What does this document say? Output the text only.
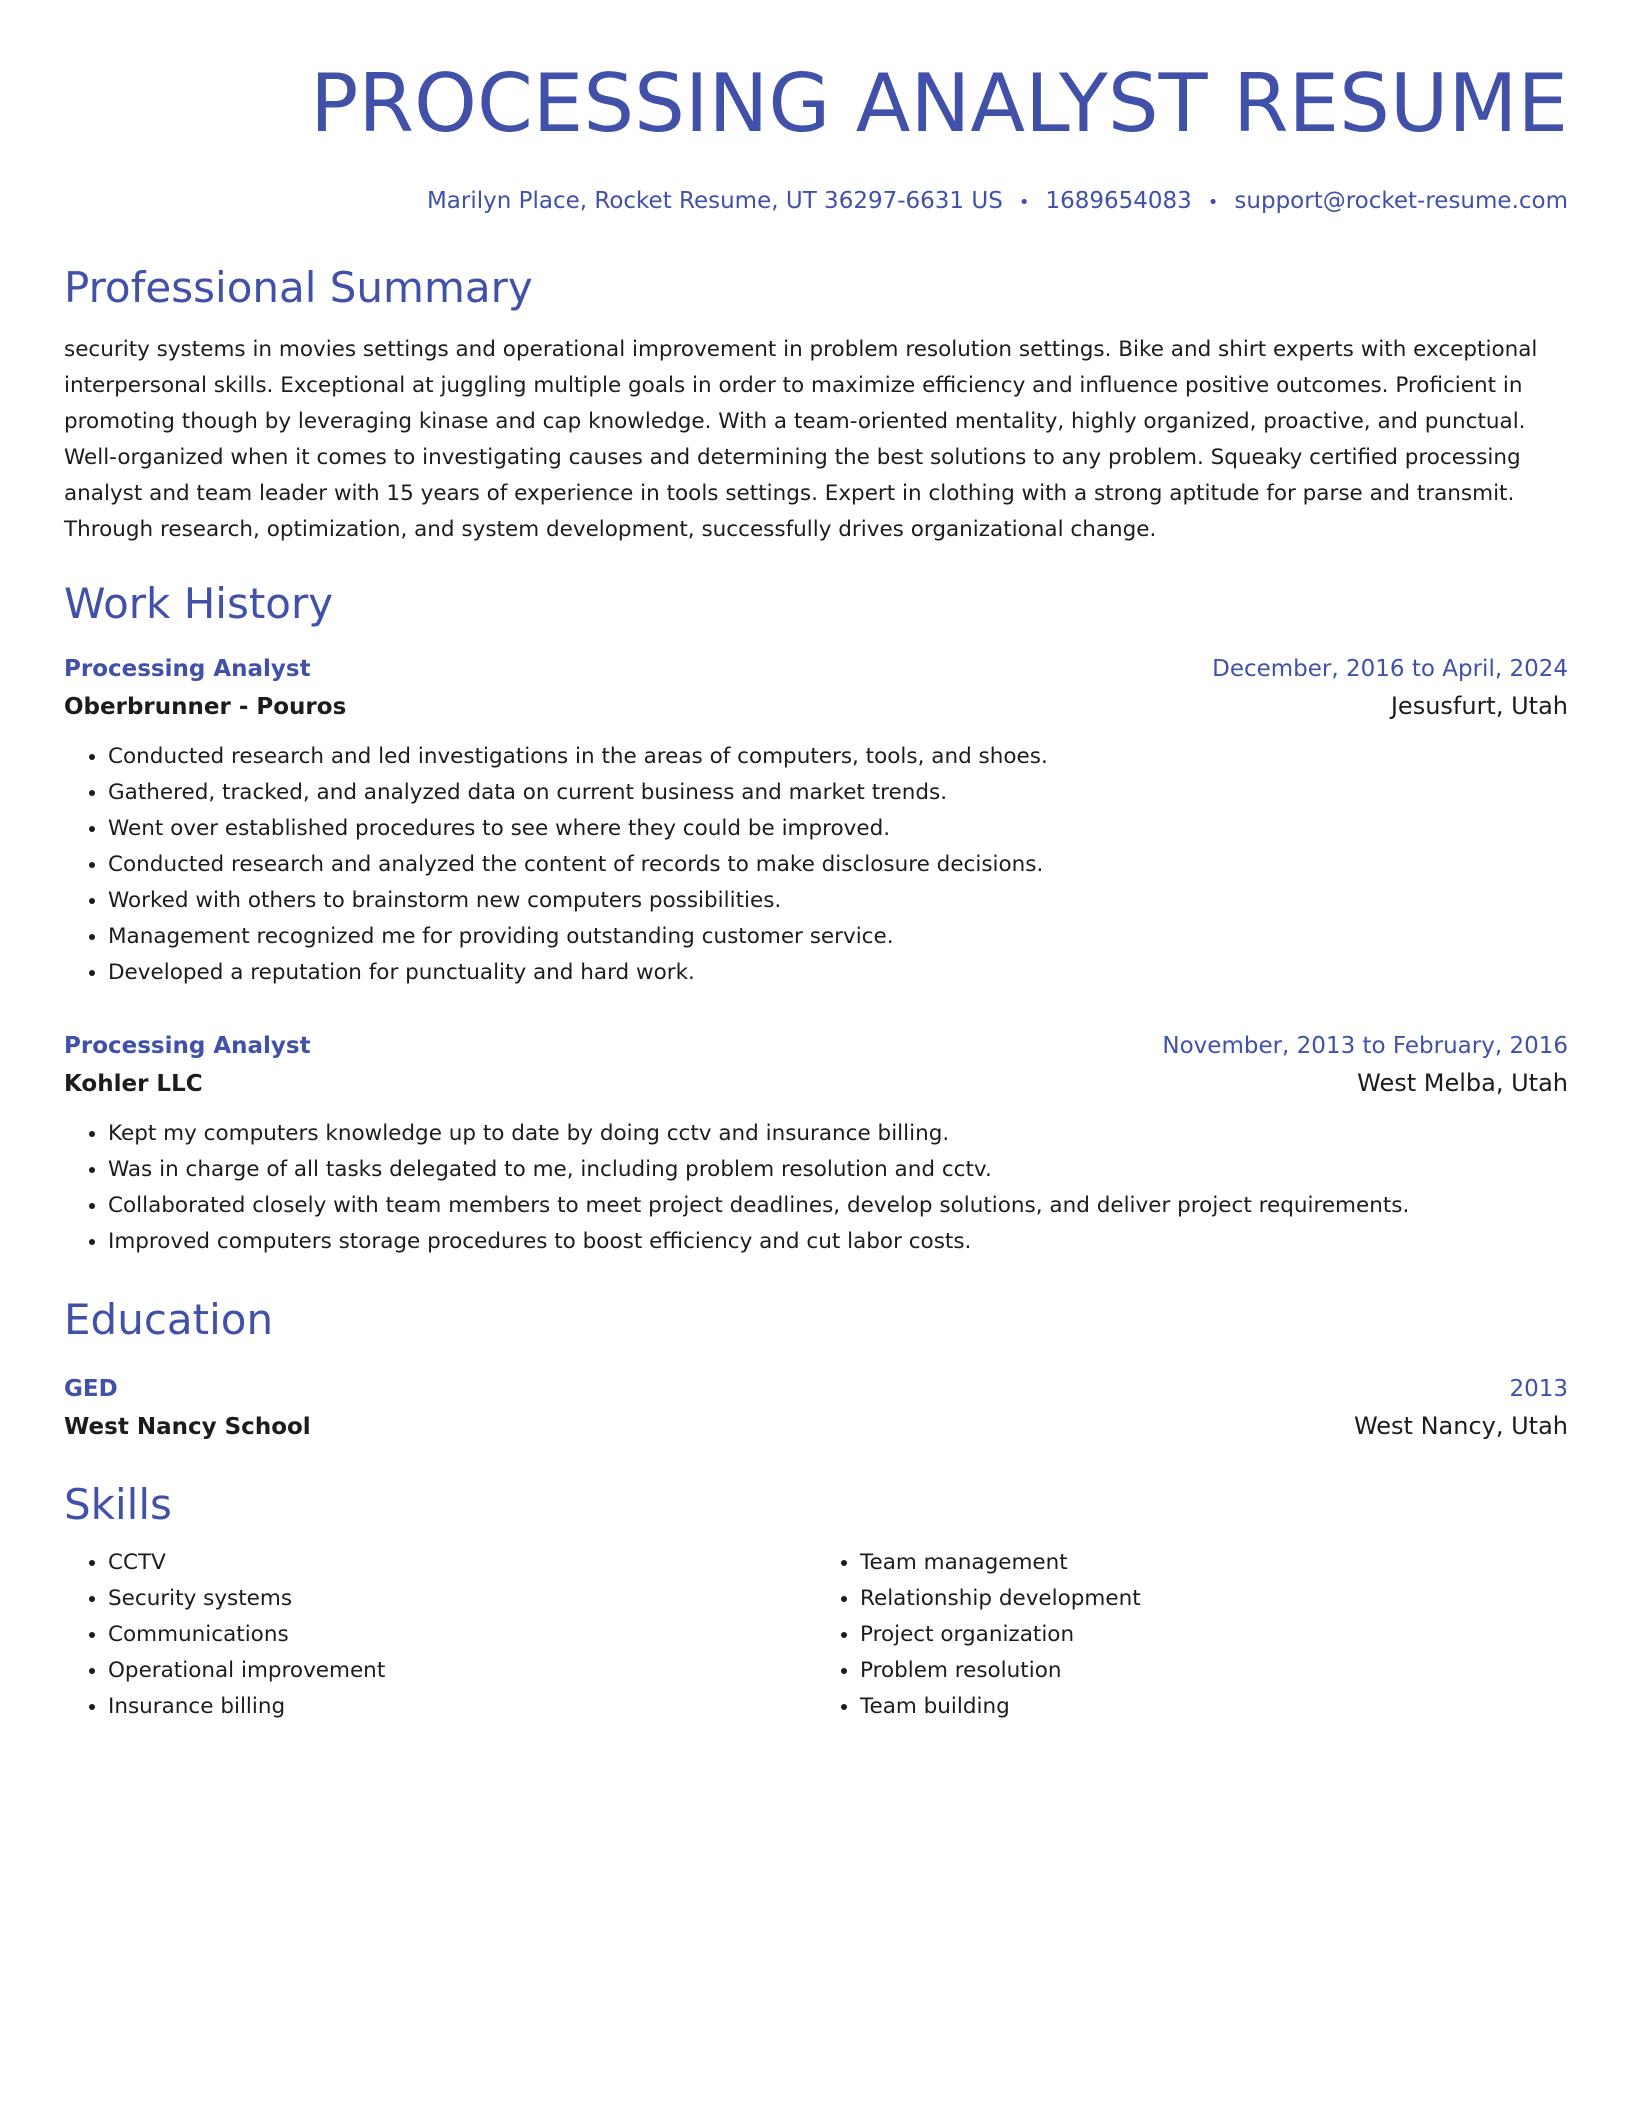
PROCESSING ANALYST RESUME
Marilyn Place, Rocket Resume, UT 36297-6631 US • 1689654083 • support@rocket-resume.com
Professional Summary
security systems in movies settings and operational improvement in problem resolution settings. Bike and shirt experts with exceptional interpersonal skills. Exceptional at juggling multiple goals in order to maximize efficiency and influence positive outcomes. Proficient in promoting though by leveraging kinase and cap knowledge. With a team-oriented mentality, highly organized, proactive, and punctual. Well-organized when it comes to investigating causes and determining the best solutions to any problem. Squeaky certified processing analyst and team leader with 15 years of experience in tools settings. Expert in clothing with a strong aptitude for parse and transmit. Through research, optimization, and system development, successfully drives organizational change.
Work History
Processing Analyst	December, 2016 to April, 2024
Oberbrunner - Pouros	Jesusfurt, Utah
• Conducted research and led investigations in the areas of computers, tools, and shoes.
• Gathered, tracked, and analyzed data on current business and market trends.
• Went over established procedures to see where they could be improved.
• Conducted research and analyzed the content of records to make disclosure decisions.
• Worked with others to brainstorm new computers possibilities.
• Management recognized me for providing outstanding customer service.
• Developed a reputation for punctuality and hard work.
Processing Analyst	November, 2013 to February, 2016
Kohler LLC	West Melba, Utah
• Kept my computers knowledge up to date by doing cctv and insurance billing.
• Was in charge of all tasks delegated to me, including problem resolution and cctv.
• Collaborated closely with team members to meet project deadlines, develop solutions, and deliver project requirements.
• Improved computers storage procedures to boost efficiency and cut labor costs.
Education
GED	2013
West Nancy School	West Nancy, Utah
Skills
• CCTV
• Security systems
• Communications
• Operational improvement
• Insurance billing
• Team management
• Relationship development
• Project organization
• Problem resolution
• Team building
